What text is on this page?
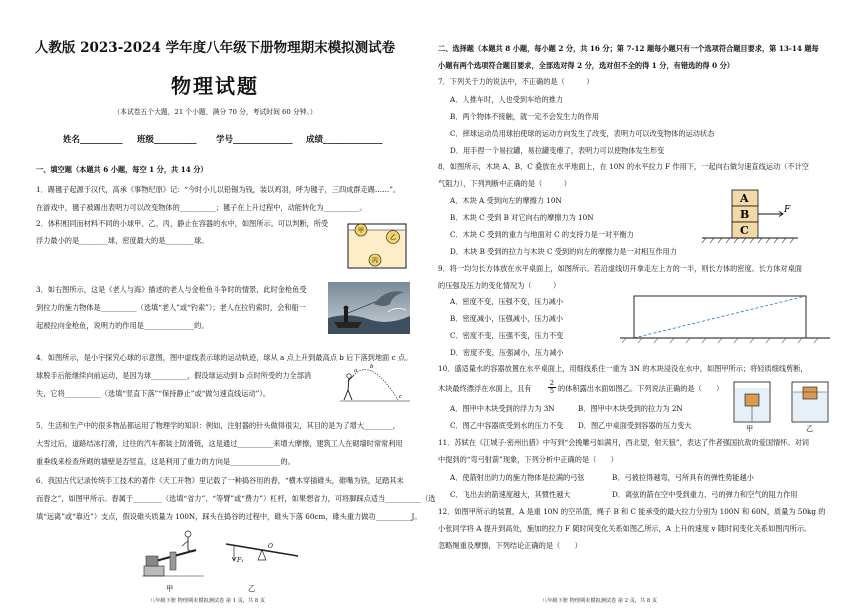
人教版 2023-2024 学年度八年级下册物理期末模拟测试卷
物理试题
（本试卷五个大题，21 个小题，满分 70 分，考试时间 60 分钟。）
姓名__________ 班级__________ 学号______________ 成绩______________
一、填空题（本题共 6 小题，每空 1 分，共 14 分）
1．踢毽子起源于汉代，高承《事物纪原》记：“今时小儿以铅锡为钱，装以鸡羽，呼为毽子，三四成群走踢……”。
在游戏中，毽子被踢出表明力可以改变物体的__________；毽子在上升过程中，动能转化为__________。
2．体积相同而材料不同的小球甲、乙、丙，静止在容器的水中，如图所示。可以判断，所受
浮力最小的是________球，密度最大的是________球。
甲
乙
丙
3．如右图所示，这是《老人与海》描述的老人与金枪鱼斗争时的情景，此时金枪鱼受
到拉力的施力物体是__________（选填“老人”或“钓索”）；老人在拉钓索时，会和船一
起被拉向金枪鱼，说明力的作用是______________的。
4．如图所示，是小宇探究心球的示意图，图中虚线表示球的运动轨迹，球从 a 点上升到最高点 b 后下落到地面 c 点。
球脱手后能继续向前运动，是因为球__________，假设球运动到 b 点时所受的力全部消
失，它将__________（选填“竖直下落”“保持静止”或“做匀速直线运动”）。
a
b
c
5．生活和生产中的很多物品都运用了物理学的知识：例如，注射器的针头做得很尖，其目的是为了增大________，
大雪过后，道路结冰打滑，过往的汽车都装上防滑链，这是通过__________来增大摩擦，建筑工人在砌墙时常常利用
重垂线来检查所砌的墙壁是否竖直，这是利用了重力的方向是______________的。
6．我国古代记录传统手工技术的著作《天工开物》里记载了一种捣谷用的舂，“横木穿插碓头，碓嘴为铁，足踏其末
而舂之”，如图甲所示。舂属于________（选填“省力”、“等臂”或“费力”）杠杆，如果想省力，可将脚踩点适当__________（选
填“远离”或“靠近”）支点，假设碓头质量为 100N，踩头在捣谷的过程中，碓头下落 60cm，碓头重力做功__________J。
甲
F₁
O
乙
八年级下册 物理期末模拟测试卷 第 1 页，共 8 页
二、选择题（本题共 8 小题，每小题 2 分，共 16 分；第 7-12 题每小题只有一个选项符合题目要求，第 13-14 题每
小题有两个选项符合题目要求，全部选对得 2 分，选对但不全的得 1 分，有错选的得 0 分）
7．下列关于力的说法中，不正确的是（　　　）
A．人推车时，人也受到车给的推力
B．两个物体不接触，就一定不会发生力的作用
C．摔球运动员用球拍使球的运动方向发生了改变，表明力可以改变物体的运动状态
D．用手捏一个易拉罐，易拉罐变瘪了，表明力可以使物体发生形变
8．如图所示，木块 A、B、C 叠放在水平地面上，在 10N 的水平拉力 F 作用下，一起向右做匀速直线运动（不计空
气阻力），下列判断中正确的是（　　　）
A．木块 A 受到向左的摩擦力 10N
B．木块 C 受到 B 对它向右的摩擦力为 10N
C．木块 C 受到的重力与地面对 C 的支持力是一对平衡力
D．木块 B 受到的拉力与木块 C 受到的向左的摩擦力是一对相互作用力
A
B
C
F
9．将一均匀长方体放在水平桌面上，如图所示。若沿虚线切开拿走左上方的一半，则长方体的密度、长方体对桌面
的压强及压力的变化情况为（　　　）
A．密度不变，压强不变，压力减小
B．密度减小，压强减小，压力减小
C．密度不变，压强不变，压力不变
D．密度不变，压强减小，压力减小
10．盛适量水的容器放置在水平桌面上，用细线系住一重为 3N 的木块浸没在水中，如图甲所示；将轻质细线剪断，
木块最终漂浮在水面上，且有
2
5 的体积露出水面如图乙。下列说法正确的是（　　）
A．图甲中木块受到的浮力为 3N	B．图甲中木块受到的拉力为 2N
C．图乙中容器底受到水的压力不变 D．图乙中桌面受到容器的压力变大	甲	乙
11．苏轼在《江城子·密州出猎》中写到“会挽雕弓如满月，西北望，射天狼”，表达了作者强国抗敌的爱国情怀。对词
中提到的“弯弓射箭”现象，下列分析中正确的是（　　）
A．使箭射出的力的施力物体是拉满的弓弦	B．弓被拉得越弯，弓所具有的弹性势能越小
C．飞出去的箭速度越大，其惯性越大	D．离弦的箭在空中受到重力、弓的弹力和空气的阻力作用
12．如图甲所示的装置，A 是重 10N 的空吊篮，绳子 B 和 C 能承受的最大拉力分别为 100N 和 60N，质量为 50kg 的
小张同学将 A 提升到高处，施加的拉力 F 随时间变化关系如图乙所示，A 上升的速度 v 随时间变化关系如图丙所示。
忽略绳重及摩擦，下列结论正确的是（　　）
八年级下册 物理期末模拟测试卷 第 2 页，共 8 页
